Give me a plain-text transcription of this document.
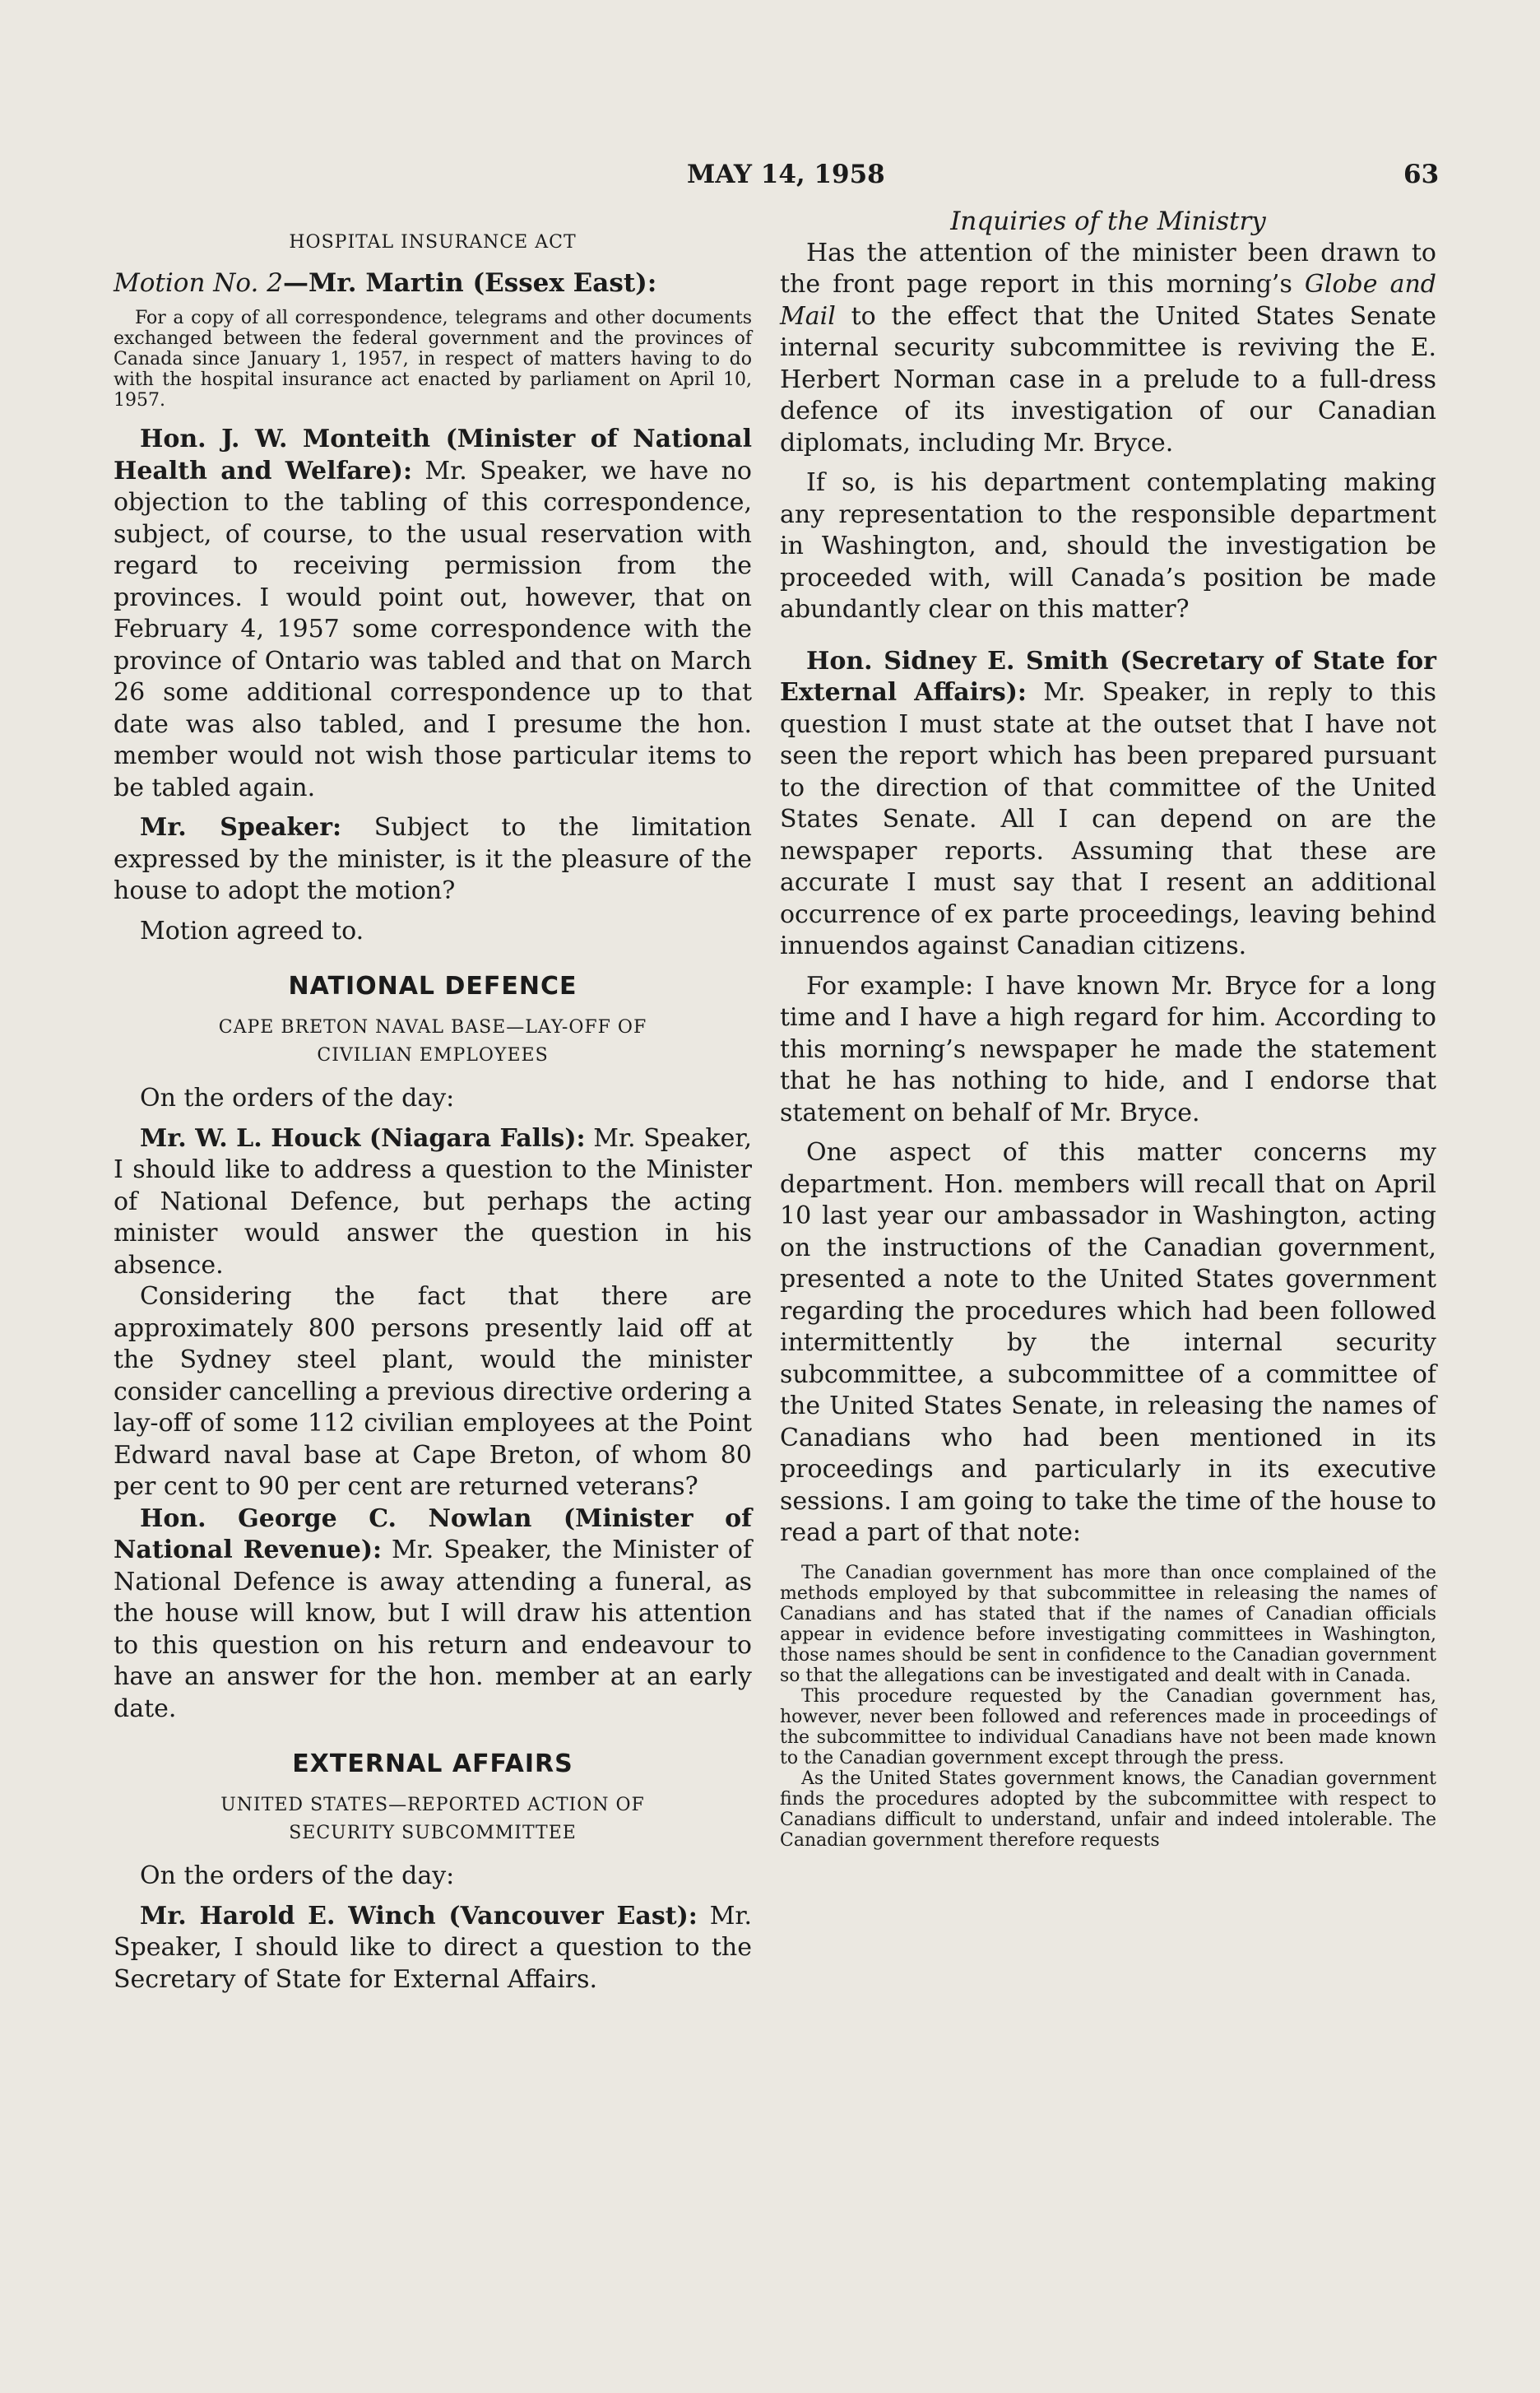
MAY 14, 1958	63

HOSPITAL INSURANCE ACT

Motion No. 2—Mr. Martin (Essex East):

For a copy of all correspondence, telegrams and other documents exchanged between the federal government and the provinces of Canada since January 1, 1957, in respect of matters having to do with the hospital insurance act enacted by parliament on April 10, 1957.

Hon. J. W. Monteith (Minister of National Health and Welfare): Mr. Speaker, we have no objection to the tabling of this correspondence, subject, of course, to the usual reservation with regard to receiving permission from the provinces. I would point out, however, that on February 4, 1957 some correspondence with the province of Ontario was tabled and that on March 26 some additional correspondence up to that date was also tabled, and I presume the hon. member would not wish those particular items to be tabled again.

Mr. Speaker: Subject to the limitation expressed by the minister, is it the pleasure of the house to adopt the motion?

Motion agreed to.

NATIONAL DEFENCE

CAPE BRETON NAVAL BASE—LAY-OFF OF

CIVILIAN EMPLOYEES

On the orders of the day:

Mr. W. L. Houck (Niagara Falls): Mr. Speaker, I should like to address a question to the Minister of National Defence, but perhaps the acting minister would answer the question in his absence.

Considering the fact that there are approximately 800 persons presently laid off at the Sydney steel plant, would the minister consider cancelling a previous directive ordering a lay-off of some 112 civilian employees at the Point Edward naval base at Cape Breton, of whom 80 per cent to 90 per cent are returned veterans?

Hon. George C. Nowlan (Minister of National Revenue): Mr. Speaker, the Minister of National Defence is away attending a funeral, as the house will know, but I will draw his attention to this question on his return and endeavour to have an answer for the hon. member at an early date.

EXTERNAL AFFAIRS

UNITED STATES—REPORTED ACTION OF

SECURITY SUBCOMMITTEE

On the orders of the day:

Mr. Harold E. Winch (Vancouver East): Mr. Speaker, I should like to direct a question to the Secretary of State for External Affairs.

Inquiries of the Ministry

Has the attention of the minister been drawn to the front page report in this morning’s Globe and Mail to the effect that the United States Senate internal security subcommittee is reviving the E. Herbert Norman case in a prelude to a full-dress defence of its investigation of our Canadian diplomats, including Mr. Bryce.

If so, is his department contemplating making any representation to the responsible department in Washington, and, should the investigation be proceeded with, will Canada’s position be made abundantly clear on this matter?

Hon. Sidney E. Smith (Secretary of State for External Affairs): Mr. Speaker, in reply to this question I must state at the outset that I have not seen the report which has been prepared pursuant to the direction of that committee of the United States Senate. All I can depend on are the newspaper reports. Assuming that these are accurate I must say that I resent an additional occurrence of ex parte proceedings, leaving behind innuendos against Canadian citizens.

For example: I have known Mr. Bryce for a long time and I have a high regard for him. According to this morning’s newspaper he made the statement that he has nothing to hide, and I endorse that statement on behalf of Mr. Bryce.

One aspect of this matter concerns my department. Hon. members will recall that on April 10 last year our ambassador in Washington, acting on the instructions of the Canadian government, presented a note to the United States government regarding the procedures which had been followed intermittently by the internal security subcommittee, a subcommittee of a committee of the United States Senate, in releasing the names of Canadians who had been mentioned in its proceedings and particularly in its executive sessions. I am going to take the time of the house to read a part of that note:

The Canadian government has more than once complained of the methods employed by that subcommittee in releasing the names of Canadians and has stated that if the names of Canadian officials appear in evidence before investigating committees in Washington, those names should be sent in confidence to the Canadian government so that the allegations can be investigated and dealt with in Canada.

This procedure requested by the Canadian government has, however, never been followed and references made in proceedings of the subcommittee to individual Canadians have not been made known to the Canadian government except through the press.

As the United States government knows, the Canadian government finds the procedures adopted by the subcommittee with respect to Canadians difficult to understand, unfair and indeed intolerable. The Canadian government therefore requests
